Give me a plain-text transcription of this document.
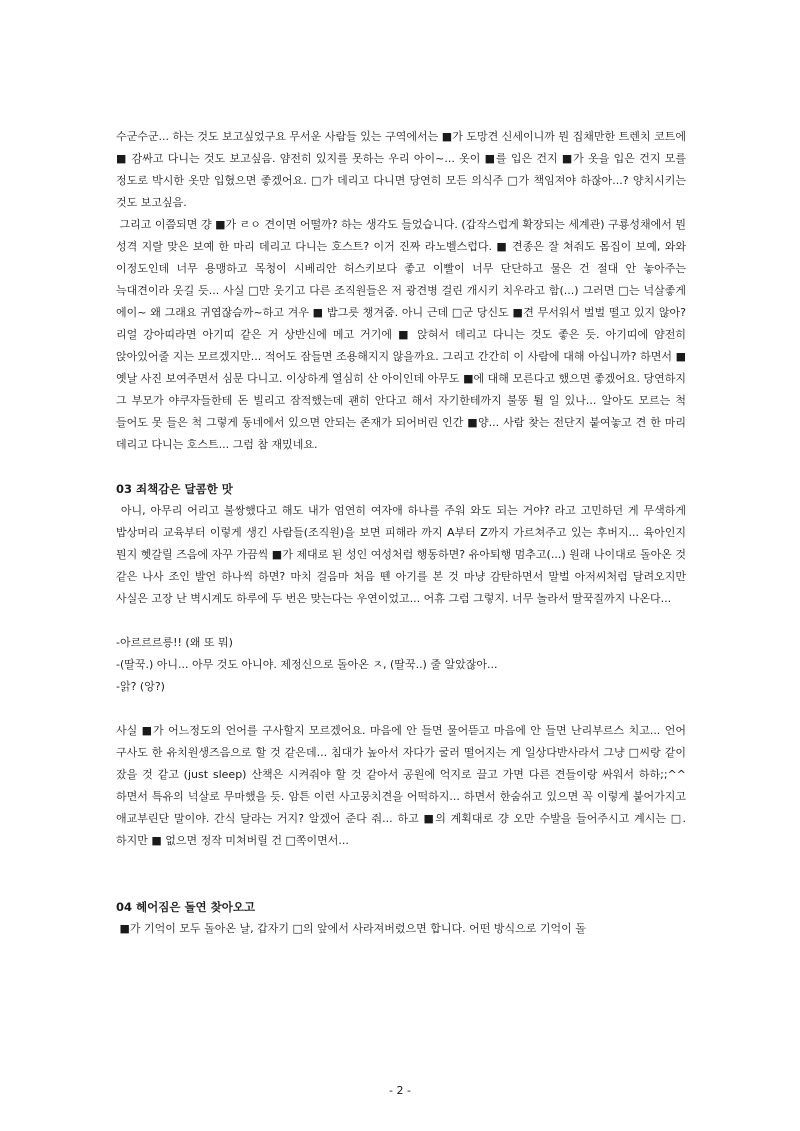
수군수군... 하는 것도 보고싶었구요 무서운 사람들 있는 구역에서는 ■가 도망견 신세이니까 뭔 집채만한 트렌치 코트에 ■ 감싸고 다니는 것도 보고싶음. 얌전히 있지를 못하는 우리 아이~... 옷이 ■를 입은 건지 ■가 옷을 입은 건지 모를 정도로 박시한 옷만 입혔으면 좋겠어요. □가 데리고 다니면 당연히 모든 의식주 □가 책임져야 하잖아...? 양치시키는 것도 보고싶음.

그리고 이쯤되면 걍 ■가 ㄹㅇ 견이면 어떨까? 하는 생각도 들었습니다. (갑작스럽게 확장되는 세계관) 구룡성채에서 뭔 성격 지랄 맞은 보예 한 마리 데리고 다니는 호스트? 이거 진짜 라노벨스럽다. ■ 견종은 잘 쳐줘도 몸집이 보예, 와와 이정도인데 너무 용맹하고 목청이 시베리안 허스키보다 좋고 이빨이 너무 단단하고 물은 건 절대 안 놓아주는 늑대견이라 웃길 듯... 사실 □만 웃기고 다른 조직원들은 저 광견병 걸린 개시키 치우라고 함(...) 그러면 □는 넉살좋게 에이~ 왜 그래요 귀엽잖슴까~하고 겨우 ■ 밥그릇 챙겨줌. 아니 근데 □군 당신도 ■견 무서워서 벌벌 떨고 있지 않아? 리얼 강아띠라면 아기띠 같은 거 상반신에 메고 거기에 ■ 앉혀서 데리고 다니는 것도 좋은 듯. 아기띠에 얌전히 앉아있어줄 지는 모르겠지만... 적어도 잠들면 조용해지지 않을까요. 그리고 간간히 이 사람에 대해 아십니까? 하면서 ■ 옛날 사진 보여주면서 심문 다니고. 이상하게 열심히 산 아이인데 아무도 ■에 대해 모른다고 했으면 좋겠어요. 당연하지 그 부모가 야쿠자들한테 돈 빌리고 잠적했는데 괜히 안다고 해서 자기한테까지 불똥 튈 일 있나... 알아도 모르는 척 들어도 못 들은 척 그렇게 동네에서 있으면 안되는 존재가 되어버린 인간 ■양... 사람 찾는 전단지 붙여놓고 견 한 마리 데리고 다니는 호스트... 그럼 참 재밌네요.

03 죄책감은 달콤한 맛

아니, 아무리 어리고 불쌍했다고 해도 내가 엄연히 여자애 하나를 주워 와도 되는 거야? 라고 고민하던 게 무색하게 밥상머리 교육부터 이렇게 생긴 사람들(조직원)을 보면 피해라 까지 A부터 Z까지 가르쳐주고 있는 후버지... 육아인지 뭔지 헷갈릴 즈음에 자꾸 가끔씩 ■가 제대로 된 성인 여성처럼 행동하면? 유아퇴행 멈추고(...) 원래 나이대로 돌아온 것 같은 나사 조인 발언 하나씩 하면? 마치 걸음마 처음 뗀 아기를 본 것 마냥 감탄하면서 말벌 아저씨처럼 달려오지만 사실은 고장 난 벽시계도 하루에 두 번은 맞는다는 우연이었고... 어휴 그럼 그렇지. 너무 놀라서 딸꾹질까지 나온다...

-아르르르릉!! (왜 또 뭐)

-(딸꾹.) 아니... 아무 것도 아니야. 제정신으로 돌아온 ㅈ, (딸꾹..) 줄 알았잖아...

-앍? (앙?)

사실 ■가 어느정도의 언어를 구사할지 모르겠어요. 마음에 안 들면 물어뜯고 마음에 안 들면 난리부르스 치고... 언어 구사도 한 유치원생즈음으로 할 것 같은데... 침대가 높아서 자다가 굴러 떨어지는 게 일상다반사라서 그냥 □씨랑 같이 잤을 것 같고 (just sleep) 산책은 시켜줘야 할 것 같아서 공원에 억지로 끌고 가면 다른 견들이랑 싸워서 하하;;^^ 하면서 특유의 넉살로 무마했을 듯. 암튼 이런 사고뭉치견을 어떡하지... 하면서 한숨쉬고 있으면 꼭 이렇게 붙어가지고 애교부린단 말이야. 간식 달라는 거지? 알겠어 준다 줘... 하고 ■의 계획대로 걍 오만 수발을 들어주시고 계시는 □. 하지만 ■ 없으면 정작 미쳐버릴 건 □쪽이면서...

04 헤어짐은 돌연 찾아오고

■가 기억이 모두 돌아온 날, 갑자기 □의 앞에서 사라져버렸으면 합니다. 어떤 방식으로 기억이 돌

- 2 -
